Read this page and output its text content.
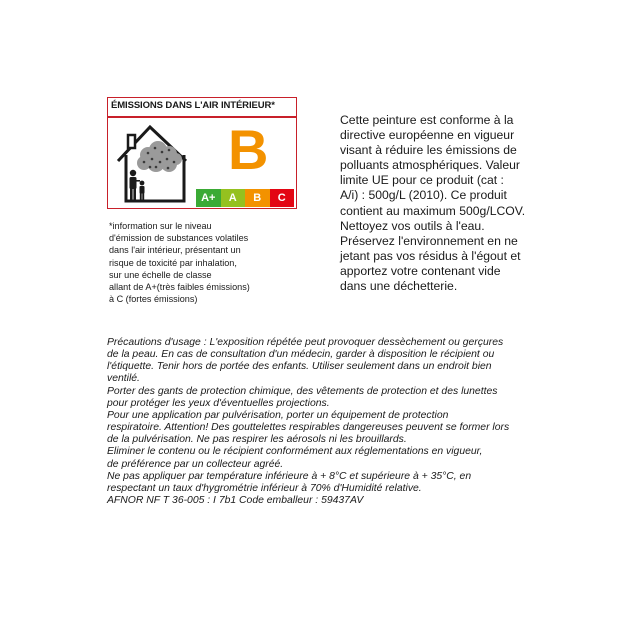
ÉMISSIONS DANS L'AIR INTÉRIEUR*
B
A+	A	B	C
*information sur le niveau
d'émission de substances volatiles
dans l'air intérieur, présentant un
risque de toxicité par inhalation,
sur une échelle de classe
allant de A+(très faibles émissions)
à C (fortes émissions)
Cette peinture est conforme à la
directive européenne en vigueur
visant à réduire les émissions de
polluants atmosphériques. Valeur
limite UE pour ce produit (cat :
A/i) : 500g/L (2010). Ce produit
contient au maximum 500g/LCOV.
Nettoyez vos outils à l'eau.
Préservez l'environnement en ne
jetant pas vos résidus à l'égout et
apportez votre contenant vide
dans une déchetterie.

Précautions d'usage : L'exposition répétée peut provoquer dessèchement ou gerçures

de la peau. En cas de consultation d'un médecin, garder à disposition le récipient ou

l'étiquette. Tenir hors de portée des enfants. Utiliser seulement dans un endroit bien

ventilé.

Porter des gants de protection chimique, des vêtements de protection et des lunettes

pour protéger les yeux d'éventuelles projections.

Pour une application par pulvérisation, porter un équipement de protection

respiratoire. Attention! Des gouttelettes respirables dangereuses peuvent se former lors

de la pulvérisation. Ne pas respirer les aérosols ni les brouillards.

Eliminer le contenu ou le récipient conformément aux réglementations en vigueur,

de préférence par un collecteur agréé.

Ne pas appliquer par température inférieure à + 8°C et supérieure à + 35°C, en

respectant un taux d'hygrométrie inférieur à 70% d'Humidité relative.

AFNOR NF T 36-005 : I 7b1 Code emballeur : 59437AV
